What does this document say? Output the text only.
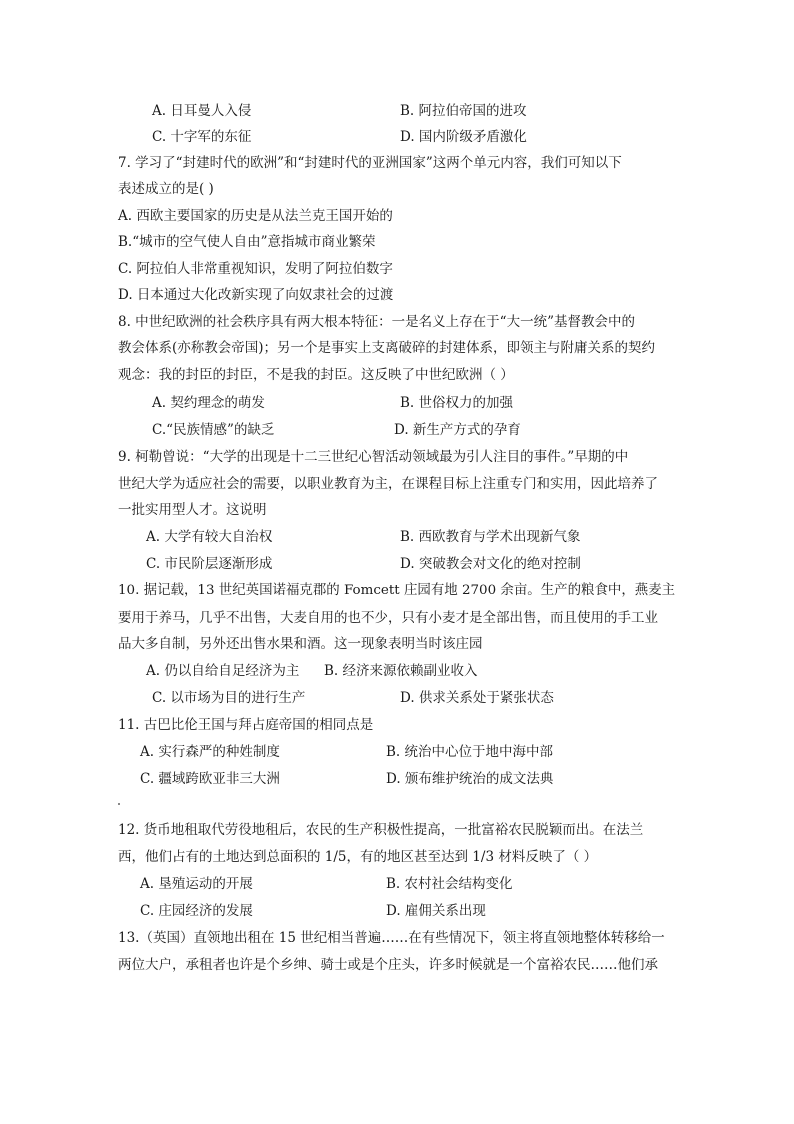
A. 日耳曼人入侵	B. 阿拉伯帝国的进攻
C. 十字军的东征	D. 国内阶级矛盾激化
7. 学习了“封建时代的欧洲”和“封建时代的亚洲国家”这两个单元内容，我们可知以下
表述成立的是( )
A. 西欧主要国家的历史是从法兰克王国开始的
B.“城市的空气使人自由”意指城市商业繁荣
C. 阿拉伯人非常重视知识，发明了阿拉伯数字
D. 日本通过大化改新实现了向奴隶社会的过渡
8. 中世纪欧洲的社会秩序具有两大根本特征：一是名义上存在于“大一统”基督教会中的
教会体系(亦称教会帝国)；另一个是事实上支离破碎的封建体系，即领主与附庸关系的契约
观念：我的封臣的封臣，不是我的封臣。这反映了中世纪欧洲（ ）
A. 契约理念的萌发	B. 世俗权力的加强
C.“民族情感”的缺乏	D. 新生产方式的孕育
9. 柯勒曾说：“大学的出现是十二三世纪心智活动领域最为引人注目的事件。”早期的中
世纪大学为适应社会的需要，以职业教育为主，在课程目标上注重专门和实用，因此培养了
一批实用型人才。这说明
A. 大学有较大自治权	B. 西欧教育与学术出现新气象
C. 市民阶层逐渐形成	D. 突破教会对文化的绝对控制
10. 据记载，13 世纪英国诺福克郡的 Fomcett 庄园有地 2700 余亩。生产的粮食中，燕麦主
要用于养马，几乎不出售，大麦自用的也不少，只有小麦才是全部出售，而且使用的手工业
品大多自制，另外还出售水果和酒。这一现象表明当时该庄园
A. 仍以自给自足经济为主 B. 经济来源依赖副业收入
C. 以市场为目的进行生产	D. 供求关系处于紧张状态
11. 古巴比伦王国与拜占庭帝国的相同点是
A. 实行森严的种姓制度	B. 统治中心位于地中海中部
C. 疆域跨欧亚非三大洲	D. 颁布维护统治的成文法典
12. 货币地租取代劳役地租后，农民的生产积极性提高，一批富裕农民脱颖而出。在法兰
西，他们占有的土地达到总面积的 1/5，有的地区甚至达到 1/3 材料反映了（ ）
A. 垦殖运动的开展	B. 农村社会结构变化
C. 庄园经济的发展	D. 雇佣关系出现
13.（英国）直领地出租在 15 世纪相当普遍……在有些情况下，领主将直领地整体转移给一
两位大户，承租者也许是个乡绅、骑士或是个庄头，许多时候就是一个富裕农民……他们承
